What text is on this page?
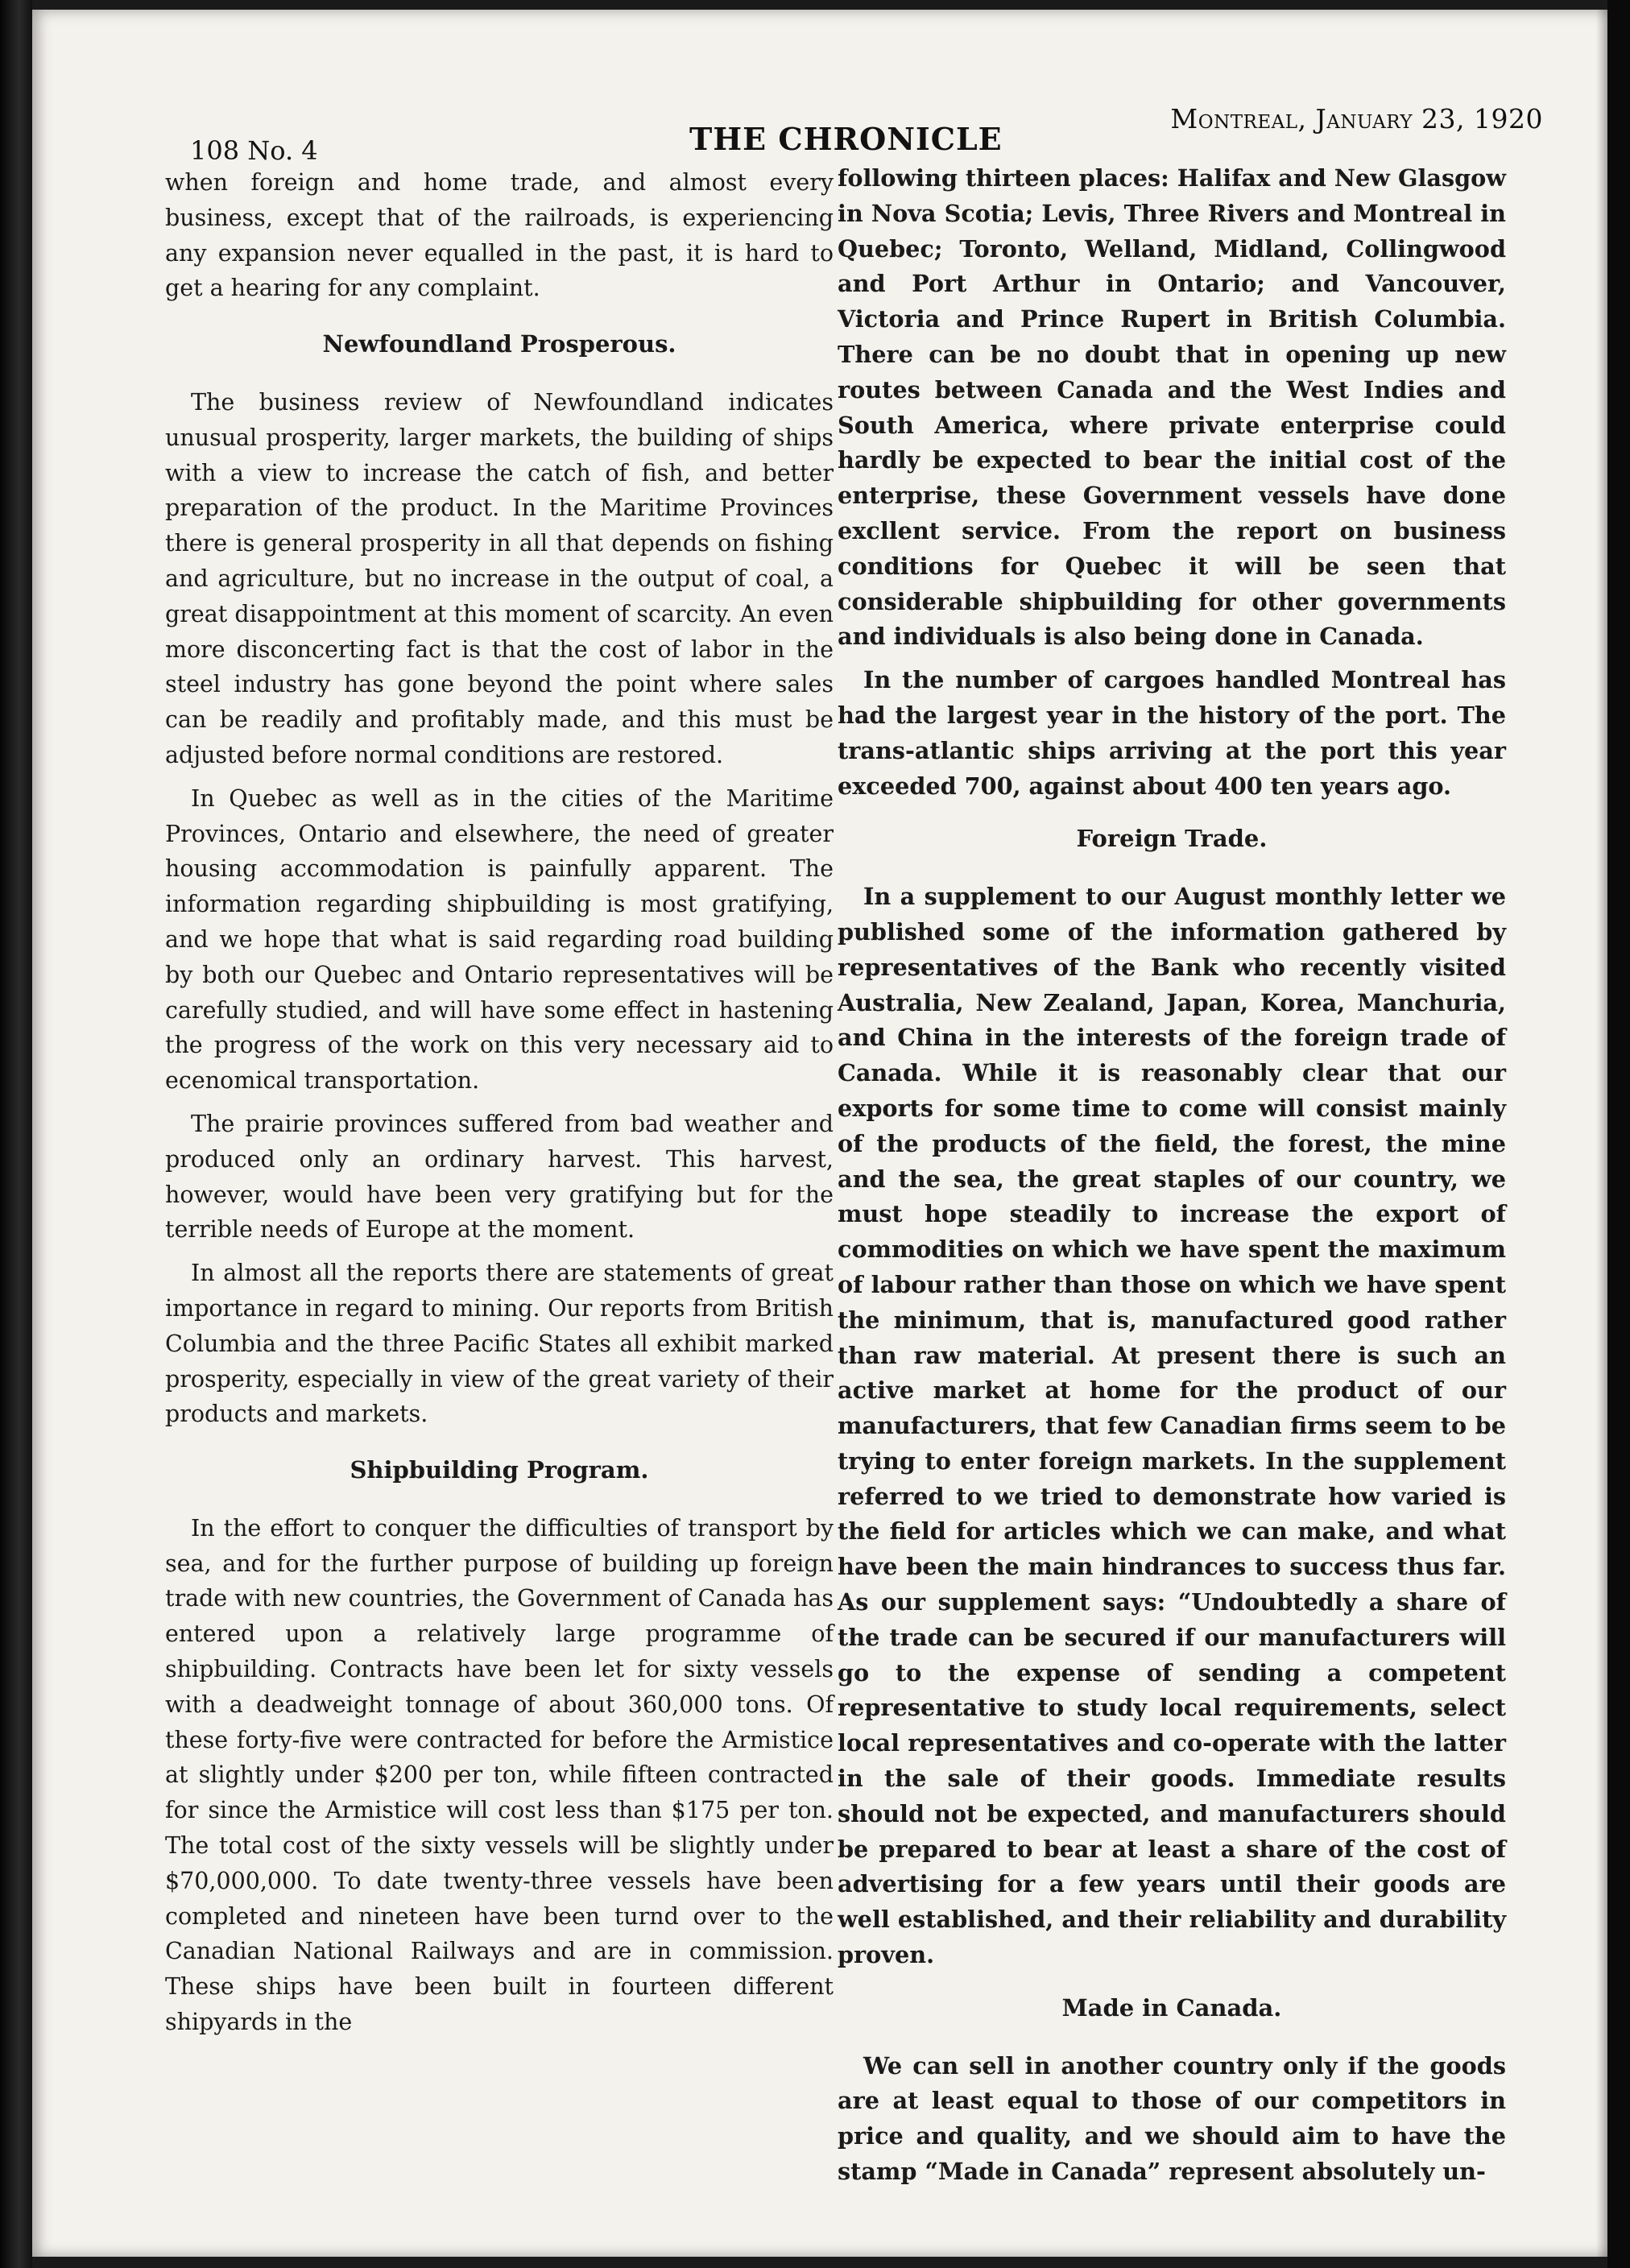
108 No. 4	THE CHRONICLE
Montreal, January 23, 1920

when foreign and home trade, and almost every business, except that of the railroads, is experiencing any expansion never equalled in the past, it is hard to get a hearing for any complaint.

Newfoundland Prosperous.

The business review of Newfoundland indicates unusual prosperity, larger markets, the building of ships with a view to increase the catch of fish, and better preparation of the product. In the Maritime Provinces there is general prosperity in all that depends on fishing and agriculture, but no increase in the output of coal, a great disappointment at this moment of scarcity. An even more disconcerting fact is that the cost of labor in the steel industry has gone beyond the point where sales can be readily and profitably made, and this must be adjusted before normal conditions are restored.

In Quebec as well as in the cities of the Maritime Provinces, Ontario and elsewhere, the need of greater housing accommodation is painfully apparent. The information regarding shipbuilding is most gratifying, and we hope that what is said regarding road building by both our Quebec and Ontario representatives will be carefully studied, and will have some effect in hastening the progress of the work on this very necessary aid to ecenomical transportation.

The prairie provinces suffered from bad weather and produced only an ordinary harvest. This harvest, however, would have been very gratifying but for the terrible needs of Europe at the moment.

In almost all the reports there are statements of great importance in regard to mining. Our reports from British Columbia and the three Pacific States all exhibit marked prosperity, especially in view of the great variety of their products and markets.

Shipbuilding Program.

In the effort to conquer the difficulties of transport by sea, and for the further purpose of building up foreign trade with new countries, the Government of Canada has entered upon a relatively large programme of shipbuilding. Contracts have been let for sixty vessels with a deadweight tonnage of about 360,000 tons. Of these forty-five were contracted for before the Armistice at slightly under $200 per ton, while fifteen contracted for since the Armistice will cost less than $175 per ton. The total cost of the sixty vessels will be slightly under $70,000,000. To date twenty-three vessels have been completed and nineteen have been turnd over to the Canadian National Railways and are in commission. These ships have been built in fourteen different shipyards in the

following thirteen places: Halifax and New Glasgow in Nova Scotia; Levis, Three Rivers and Montreal in Quebec; Toronto, Welland, Midland, Collingwood and Port Arthur in Ontario; and Vancouver, Victoria and Prince Rupert in British Columbia. There can be no doubt that in opening up new routes between Canada and the West Indies and South America, where private enterprise could hardly be expected to bear the initial cost of the enterprise, these Government vessels have done excllent service. From the report on business conditions for Quebec it will be seen that considerable shipbuilding for other governments and individuals is also being done in Canada.

In the number of cargoes handled Montreal has had the largest year in the history of the port. The trans-atlantic ships arriving at the port this year exceeded 700, against about 400 ten years ago.

Foreign Trade.

In a supplement to our August monthly letter we published some of the information gathered by representatives of the Bank who recently visited Australia, New Zealand, Japan, Korea, Manchuria, and China in the interests of the foreign trade of Canada. While it is reasonably clear that our exports for some time to come will consist mainly of the products of the field, the forest, the mine and the sea, the great staples of our country, we must hope steadily to increase the export of commodities on which we have spent the maximum of labour rather than those on which we have spent the minimum, that is, manufactured good rather than raw material. At present there is such an active market at home for the product of our manufacturers, that few Canadian firms seem to be trying to enter foreign markets. In the supplement referred to we tried to demonstrate how varied is the field for articles which we can make, and what have been the main hindrances to success thus far. As our supplement says: “Undoubtedly a share of the trade can be secured if our manufacturers will go to the expense of sending a competent representative to study local requirements, select local representatives and co-operate with the latter in the sale of their goods. Immediate results should not be expected, and manufacturers should be prepared to bear at least a share of the cost of advertising for a few years until their goods are well established, and their reliability and durability proven.

Made in Canada.

We can sell in another country only if the goods are at least equal to those of our competitors in price and quality, and we should aim to have the stamp “Made in Canada” represent absolutely un-
